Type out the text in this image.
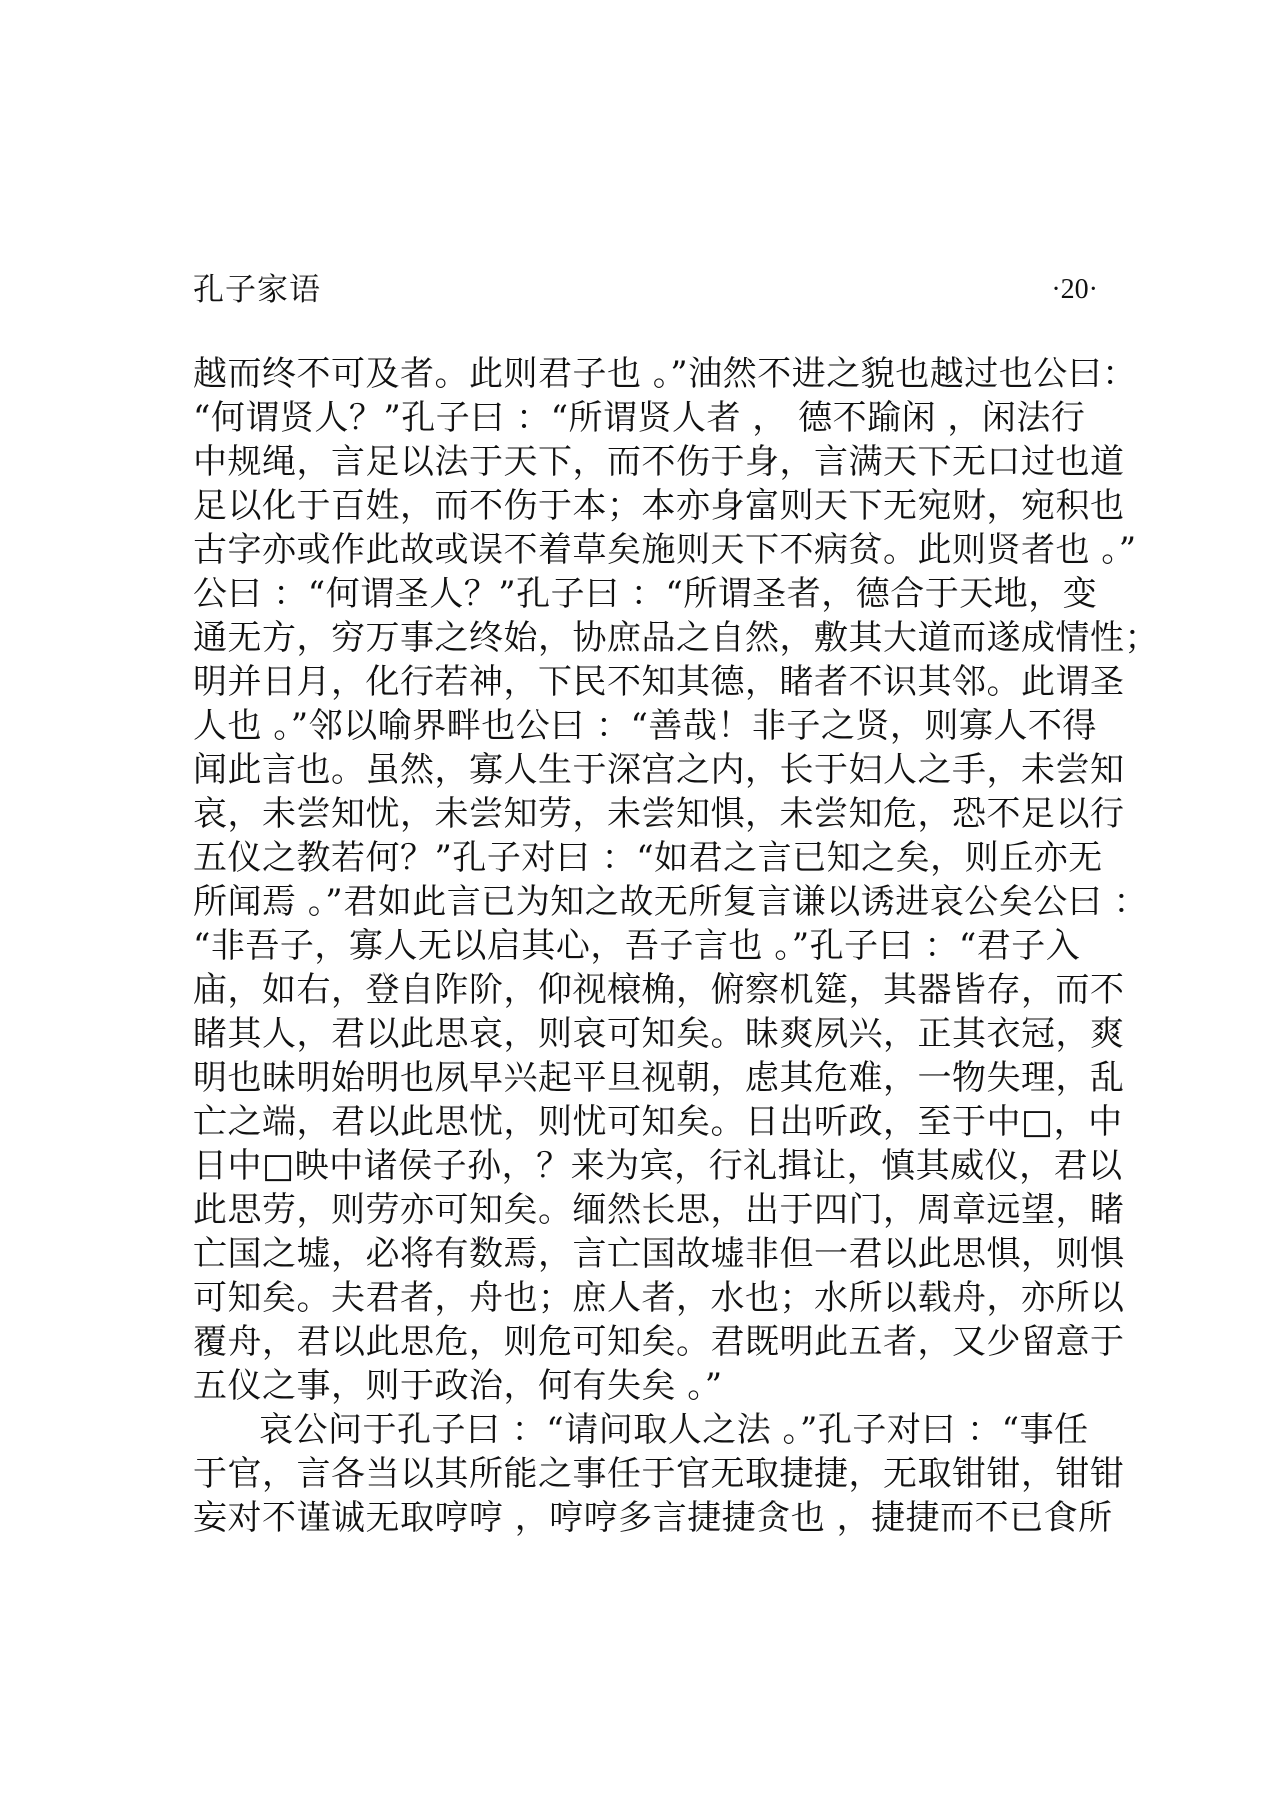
孔子家语	·20·
越而终不可及者。此则君子也 。”油然不进之貌也越过也公曰：
“何谓贤人？”孔子曰 ：“所谓贤人者 ， 德不踰闲 ，闲法行
中规绳，言足以法于天下，而不伤于身，言满天下无口过也道
足以化于百姓，而不伤于本；本亦身富则天下无宛财，宛积也
古字亦或作此故或误不着草矣施则天下不病贫。此则贤者也 。”
公曰 ：“何谓圣人？”孔子曰 ：“所谓圣者，德合于天地，变
通无方，穷万事之终始，协庶品之自然，敷其大道而遂成情性；
明并日月，化行若神，下民不知其德，睹者不识其邻。此谓圣
人也 。”邻以喻界畔也公曰 ：“善哉！非子之贤，则寡人不得
闻此言也。虽然，寡人生于深宫之内，长于妇人之手，未尝知
哀，未尝知忧，未尝知劳，未尝知惧，未尝知危，恐不足以行
五仪之教若何？”孔子对曰 ：“如君之言已知之矣，则丘亦无
所闻焉 。”君如此言已为知之故无所复言谦以诱进哀公矣公曰 ：
“非吾子，寡人无以启其心，吾子言也 。”孔子曰 ：“君子入
庙，如右，登自阼阶，仰视榱桷，俯察机筵，其器皆存，而不
睹其人，君以此思哀，则哀可知矣。昧爽夙兴，正其衣冠，爽
明也昧明始明也夙早兴起平旦视朝，虑其危难，一物失理，乱
亡之端，君以此思忧，则忧可知矣。日出听政，至于中□，中
日中□映中诸侯子孙，？来为宾，行礼揖让，慎其威仪，君以
此思劳，则劳亦可知矣。缅然长思，出于四门，周章远望，睹
亡国之墟，必将有数焉，言亡国故墟非但一君以此思惧，则惧
可知矣。夫君者，舟也；庶人者，水也；水所以载舟，亦所以
覆舟，君以此思危，则危可知矣。君既明此五者，又少留意于
五仪之事，则于政治，何有失矣 。”
哀公问于孔子曰 ：“请问取人之法 。”孔子对曰 ：“事任
于官，言各当以其所能之事任于官无取捷捷，无取钳钳，钳钳
妄对不谨诚无取哼哼 ，哼哼多言捷捷贪也 ，捷捷而不已食所
